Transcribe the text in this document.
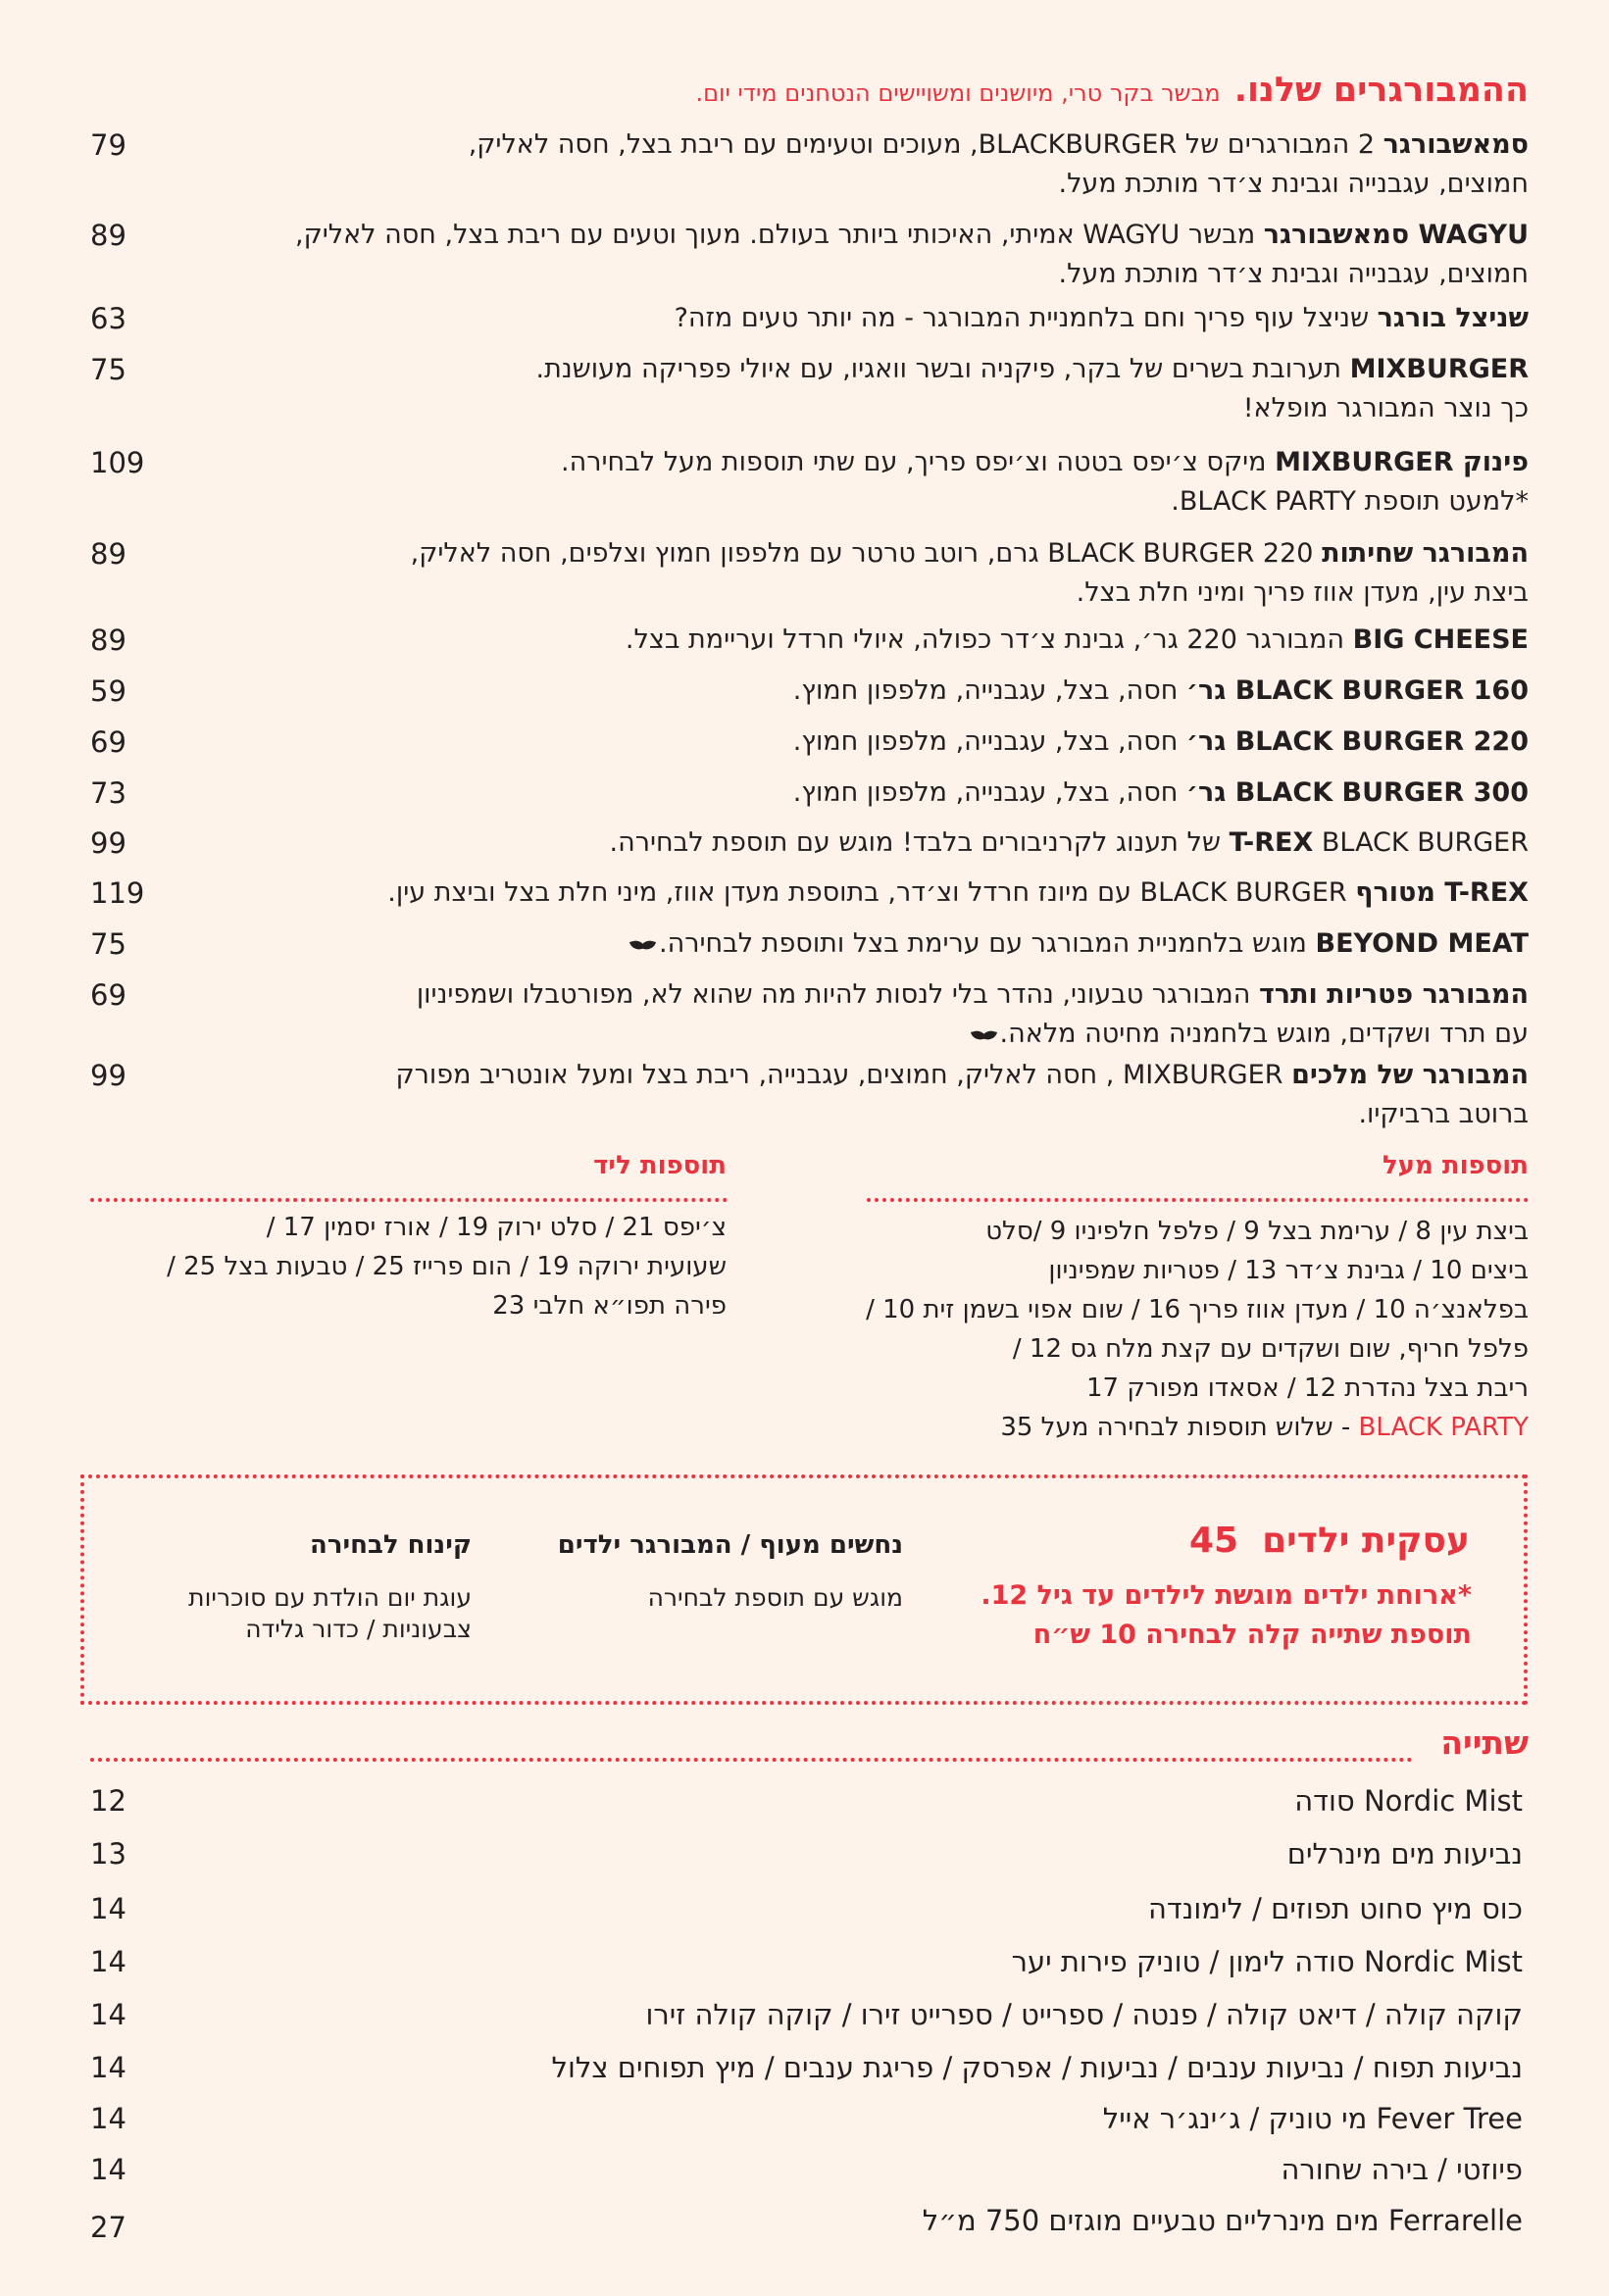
ההמבורגרים שלנו.מבשר בקר טרי, מיושנים ומשויישים הנטחנים מידי יום.
סמאשבורגר 2 המבורגרים של BLACKBURGER, מעוכים וטעימים עם ריבת בצל, חסה לאליק,
חמוצים, עגבנייה וגבינת צ׳דר מותכת מעל.
79
WAGYU סמאשבורגר מבשר WAGYU אמיתי, האיכותי ביותר בעולם. מעוך וטעים עם ריבת בצל, חסה לאליק,
חמוצים, עגבנייה וגבינת צ׳דר מותכת מעל.
89
שניצל בורגר שניצל עוף פריך וחם בלחמניית המבורגר - מה יותר טעים מזה?
63
MIXBURGER תערובת בשרים של בקר, פיקניה ובשר וואגיו, עם איולי פפריקה מעושנת.
כך נוצר המבורגר מופלא!
75
פינוק MIXBURGER מיקס צ׳יפס בטטה וצ׳יפס פריך, עם שתי תוספות מעל לבחירה.
*למעט תוספת BLACK PARTY.
109
המבורגר שחיתות 220 BLACK BURGER גרם, רוטב טרטר עם מלפפון חמוץ וצלפים, חסה לאליק,
ביצת עין, מעדן אווז פריך ומיני חלת בצל.
89
BIG CHEESE המבורגר 220 גר׳, גבינת צ׳דר כפולה, איולי חרדל ועריימת בצל.
89
160 BLACK BURGER גר׳ חסה, בצל, עגבנייה, מלפפון חמוץ.
59
220 BLACK BURGER גר׳ חסה, בצל, עגבנייה, מלפפון חמוץ.
69
300 BLACK BURGER גר׳ חסה, בצל, עגבנייה, מלפפון חמוץ.
73
T-REX BLACK BURGER של תענוג לקרניבורים בלבד! מוגש עם תוספת לבחירה.
99
T-REX מטורף BLACK BURGER עם מיונז חרדל וצ׳דר, בתוספת מעדן אווז, מיני חלת בצל וביצת עין.
119
BEYOND MEAT מוגש בלחמניית המבורגר עם ערימת בצל ותוספת לבחירה.
75
המבורגר פטריות ותרד המבורגר טבעוני, נהדר בלי לנסות להיות מה שהוא לא, מפורטבלו ושמפיניון
עם תרד ושקדים, מוגש בלחמניה מחיטה מלאה.
69
המבורגר של מלכים MIXBURGER , חסה לאליק, חמוצים, עגבנייה, ריבת בצל ומעל אונטריב מפורק
ברוטב ברביקיו.
99
תוספות מעל
ביצת עין 8 / ערימת בצל 9 / פלפל חלפיניו 9 /סלט
ביצים 10 / גבינת צ׳דר 13 / פטריות שמפיניון
בפלאנצ׳ה 10 / מעדן אווז פריך 16 / שום אפוי בשמן זית 10 /
פלפל חריף, שום ושקדים עם קצת מלח גס 12 /
ריבת בצל נהדרת 12 / אסאדו מפורק 17
BLACK PARTY - שלוש תוספות לבחירה מעל 35
תוספות ליד
צ׳יפס 21 / סלט ירוק 19 / אורז יסמין 17 /
שעועית ירוקה 19 / הום פרייז 25 / טבעות בצל 25 /
פירה תפו״א חלבי 23
עסקית ילדים45
*ארוחת ילדים מוגשת לילדים עד גיל 12.
תוספת שתייה קלה לבחירה 10 ש״ח
נחשים מעוף / המבורגר ילדים
מוגש עם תוספת לבחירה
קינוח לבחירה
עוגת יום הולדת עם סוכריות
צבעוניות / כדור גלידה
שתייה
Nordic Mist סודה
12
נביעות מים מינרלים
13
כוס מיץ סחוט תפוזים / לימונדה
14
Nordic Mist סודה לימון / טוניק פירות יער
14
קוקה קולה / דיאט קולה / פנטה / ספרייט / ספרייט זירו / קוקה קולה זירו
14
נביעות תפוח / נביעות ענבים / נביעות / אפרסק / פריגת ענבים / מיץ תפוחים צלול
14
Fever Tree מי טוניק / ג׳ינג׳ר אייל
14
פיוזטי / בירה שחורה
14
Ferrarelle מים מינרליים טבעיים מוגזים 750 מ״ל
27
